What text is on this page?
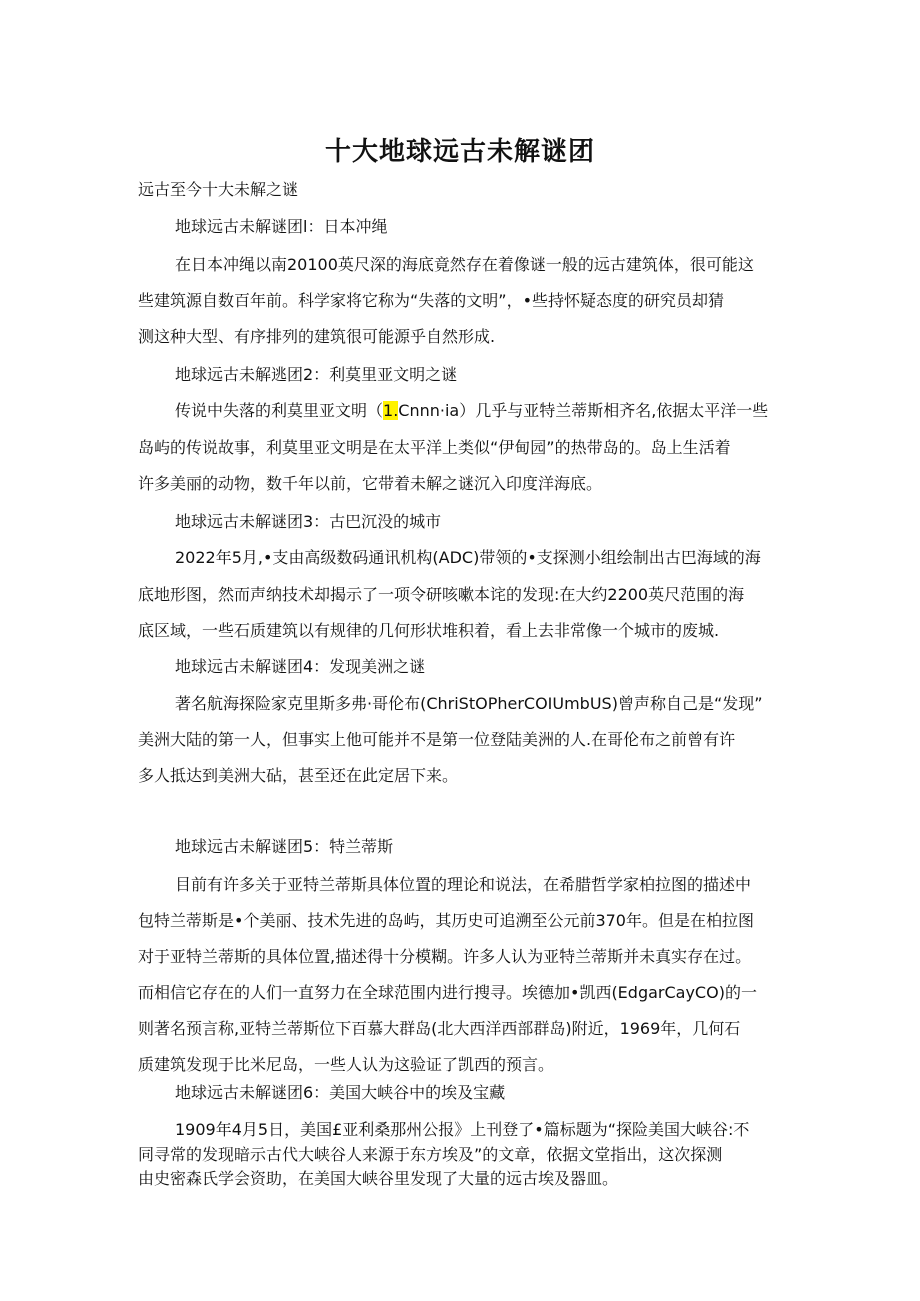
十大地球远古未解谜团
远古至今十大未解之谜
地球远古未解谜团l：日本冲绳
在日本冲绳以南20100英尺深的海底竟然存在着像谜一般的远古建筑体，很可能这
些建筑源自数百年前。科学家将它称为“失落的文明”，•些持怀疑态度的研究员却猜
测这种大型、有序排列的建筑很可能源乎自然形成.
地球远古未解逃团2：利莫里亚文明之谜
传说中失落的利莫里亚文明（1.Cnnn·ia）几乎与亚特兰蒂斯相齐名,依据太平洋一些
岛屿的传说故事，利莫里亚文明是在太平洋上类似“伊甸园”的热带岛的。岛上生活着
许多美丽的动物，数千年以前，它带着未解之谜沉入印度洋海底。
地球远古未解谜团3：古巴沉没的城市
2022年5月,•支由高级数码通讯机构(ADC)带领的•支探测小组绘制出古巴海域的海
底地形图，然而声纳技术却揭示了一项令研咳嗽本诧的发现:在大约2200英尺范围的海
底区域，一些石质建筑以有规律的几何形状堆积着，看上去非常像一个城市的废城.
地球远古未解谜团4：发现美洲之谜
著名航海探险家克里斯多弗·哥伦布(ChriStOPherCOIUmbUS)曾声称自己是“发现”
美洲大陆的第一人，但事实上他可能并不是第一位登陆美洲的人.在哥伦布之前曾有许
多人抵达到美洲大砧，甚至还在此定居下来。
地球远古未解谜团5：特兰蒂斯
目前有许多关于亚特兰蒂斯具体位置的理论和说法，在希腊哲学家柏拉图的描述中
包特兰蒂斯是•个美丽、技术先进的岛屿，其历史可追溯至公元前370年。但是在柏拉图
对于亚特兰蒂斯的具体位置,描述得十分模糊。许多人认为亚特兰蒂斯并未真实存在过。
而相信它存在的人们一直努力在全球范围内进行搜寻。埃德加•凯西(EdgarCayCO)的一
则著名预言称,亚特兰蒂斯位下百慕大群岛(北大西洋西部群岛)附近，1969年，几何石
质建筑发现于比米尼岛，一些人认为这验证了凯西的预言。
地球远古未解谜团6：美国大峡谷中的埃及宝藏
1909年4月5日，美国£亚利桑那州公报》上刊登了•篇标题为“探险美国大峡谷:不
同寻常的发现暗示古代大峡谷人来源于东方埃及”的文章，依据文堂指出，这次探测
由史密森氏学会资助，在美国大峡谷里发现了大量的远古埃及器皿。
